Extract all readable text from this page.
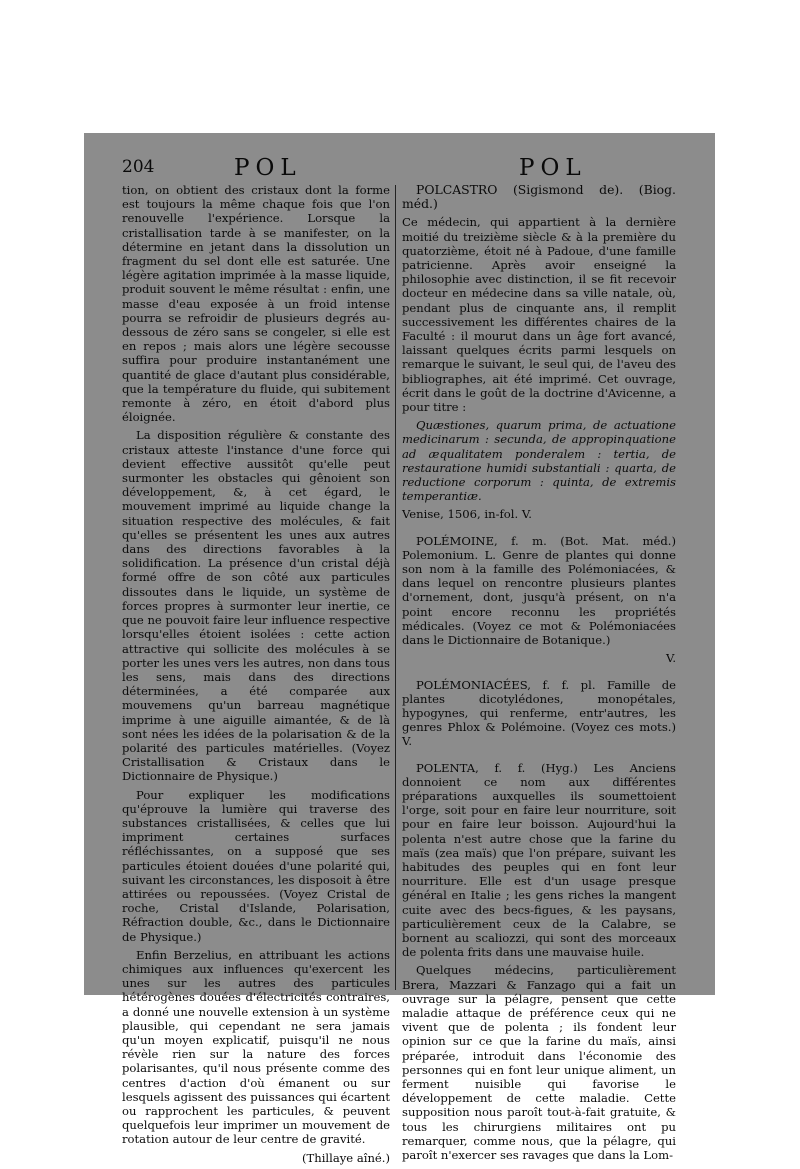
204	POL	POL

tion, on obtient des cristaux dont la forme est toujours la même chaque fois que l'on renouvelle l'expérience. Lorsque la cristallisation tarde à se manifester, on la détermine en jetant dans la dissolution un fragment du sel dont elle est saturée. Une légère agitation imprimée à la masse liquide, produit souvent le même résultat : enfin, une masse d'eau exposée à un froid intense pourra se refroidir de plusieurs degrés au-dessous de zéro sans se congeler, si elle est en repos ; mais alors une légère secousse suffira pour produire instantanément une quantité de glace d'autant plus considérable, que la température du fluide, qui subitement remonte à zéro, en étoit d'abord plus éloignée.

La disposition régulière & constante des cristaux atteste l'instance d'une force qui devient effective aussitôt qu'elle peut surmonter les obstacles qui gênoient son développement, &, à cet égard, le mouvement imprimé au liquide change la situation respective des molécules, & fait qu'elles se présentent les unes aux autres dans des directions favorables à la solidification. La présence d'un cristal déjà formé offre de son côté aux particules dissoutes dans le liquide, un système de forces propres à surmonter leur inertie, ce que ne pouvoit faire leur influence respective lorsqu'elles étoient isolées : cette action attractive qui sollicite des molécules à se porter les unes vers les autres, non dans tous les sens, mais dans des directions déterminées, a été comparée aux mouvemens qu'un barreau magnétique imprime à une aiguille aimantée, & de là sont nées les idées de la polarisation & de la polarité des particules matérielles. (Voyez Cristallisation & Cristaux dans le Dictionnaire de Physique.)

Pour expliquer les modifications qu'éprouve la lumière qui traverse des substances cristallisées, & celles que lui impriment certaines surfaces réfléchissantes, on a supposé que ses particules étoient douées d'une polarité qui, suivant les circonstances, les disposoit à être attirées ou repoussées. (Voyez Cristal de roche, Cristal d'Islande, Polarisation, Réfraction double, &c., dans le Dictionnaire de Physique.)

Enfin Berzelius, en attribuant les actions chimiques aux influences qu'exercent les unes sur les autres des particules hétérogènes douées d'électricités contraires, a donné une nouvelle extension à un système plausible, qui cependant ne sera jamais qu'un moyen explicatif, puisqu'il ne nous révèle rien sur la nature des forces polarisantes, qu'il nous présente comme des centres d'action d'où émanent ou sur lesquels agissent des puissances qui écartent ou rapprochent les particules, & peuvent quelquefois leur imprimer un mouvement de rotation autour de leur centre de gravité.

(Thillaye aîné.)

POLCASTRO (Sigismond de). (Biog. méd.)

Ce médecin, qui appartient à la dernière moitié du treizième siècle & à la première du quatorzième, étoit né à Padoue, d'une famille patricienne. Après avoir enseigné la philosophie avec distinction, il se fit recevoir docteur en médecine dans sa ville natale, où, pendant plus de cinquante ans, il remplit successivement les différentes chaires de la Faculté : il mourut dans un âge fort avancé, laissant quelques écrits parmi lesquels on remarque le suivant, le seul qui, de l'aveu des bibliographes, ait été imprimé. Cet ouvrage, écrit dans le goût de la doctrine d'Avicenne, a pour titre :

Quæstiones, quarum prima, de actuatione medicinarum : secunda, de appropinquatione ad æqualitatem ponderalem : tertia, de restauratione humidi substantiali : quarta, de reductione corporum : quinta, de extremis temperantiæ.

Venise, 1506, in-fol. V.

POLÉMOINE, f. m. (Bot. Mat. méd.) Polemonium. L. Genre de plantes qui donne son nom à la famille des Polémoniacées, & dans lequel on rencontre plusieurs plantes d'ornement, dont, jusqu'à présent, on n'a point encore reconnu les propriétés médicales. (Voyez ce mot & Polémoniacées dans le Dictionnaire de Botanique.)

V.

POLÉMONIACÉES, f. f. pl. Famille de plantes dicotylédones, monopétales, hypogynes, qui renferme, entr'autres, les genres Phlox & Polémoine. (Voyez ces mots.) V.

POLENTA, f. f. (Hyg.) Les Anciens donnoient ce nom aux différentes préparations auxquelles ils soumettoient l'orge, soit pour en faire leur nourriture, soit pour en faire leur boisson. Aujourd'hui la polenta n'est autre chose que la farine du maïs (zea maïs) que l'on prépare, suivant les habitudes des peuples qui en font leur nourriture. Elle est d'un usage presque général en Italie ; les gens riches la mangent cuite avec des becs-figues, & les paysans, particulièrement ceux de la Calabre, se bornent au scaliozzi, qui sont des morceaux de polenta frits dans une mauvaise huile.

Quelques médecins, particulièrement Brera, Mazzari & Fanzago qui a fait un ouvrage sur la pélagre, pensent que cette maladie attaque de préférence ceux qui ne vivent que de polenta ; ils fondent leur opinion sur ce que la farine du maïs, ainsi préparée, introduit dans l'économie des personnes qui en font leur unique aliment, un ferment nuisible qui favorise le développement de cette maladie. Cette supposition nous paroît tout-à-fait gratuite, & tous les chirurgiens militaires ont pu remarquer, comme nous, que la pélagre, qui paroît n'exercer ses ravages que dans la Lom-
